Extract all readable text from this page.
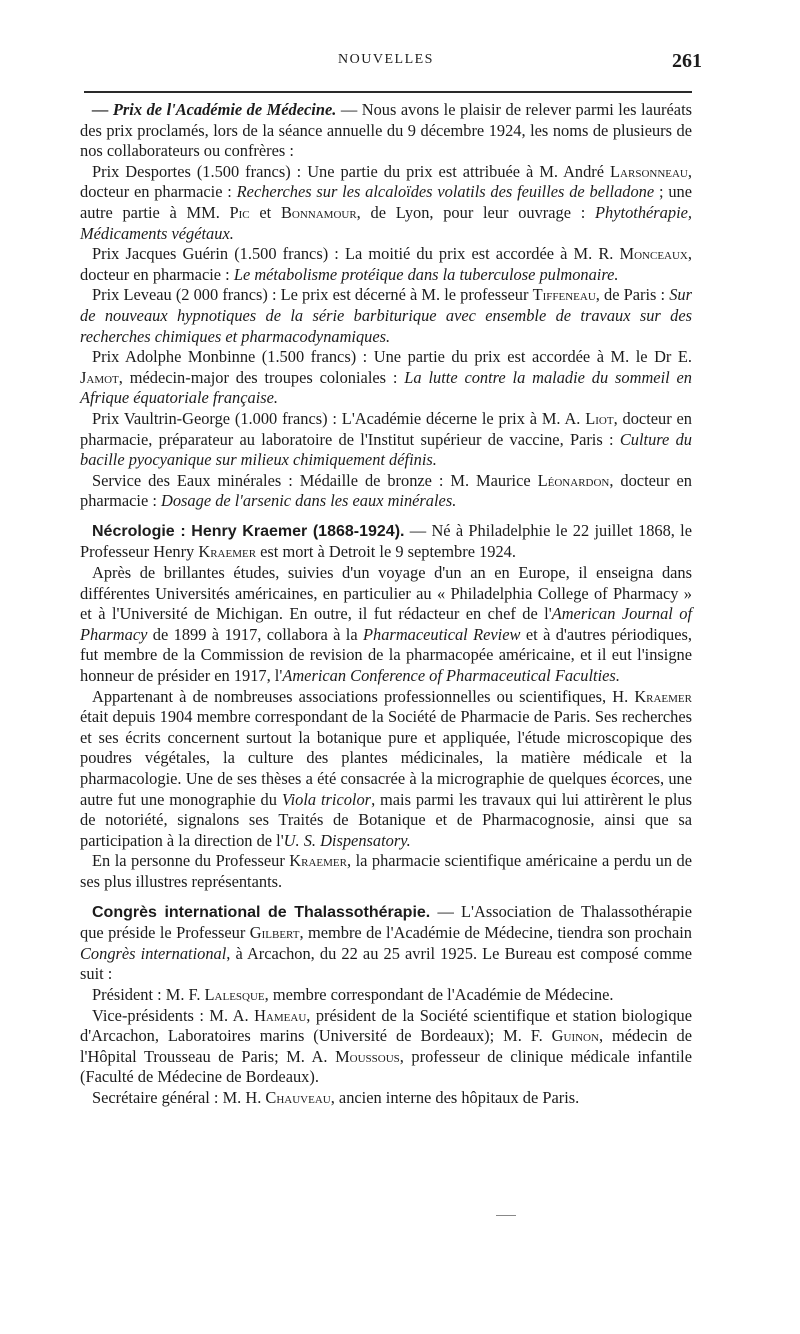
NOUVELLES	261

— Prix de l'Académie de Médecine. — Nous avons le plaisir de relever parmi les lauréats des prix proclamés, lors de la séance annuelle du 9 décembre 1924, les noms de plusieurs de nos collaborateurs ou confrères :

Prix Desportes (1.500 francs) : Une partie du prix est attribuée à M. André Larsonneau, docteur en pharmacie : Recherches sur les alcaloïdes volatils des feuilles de belladone ; une autre partie à MM. Pic et Bonnamour, de Lyon, pour leur ouvrage : Phytothérapie, Médicaments végétaux.

Prix Jacques Guérin (1.500 francs) : La moitié du prix est accordée à M. R. Monceaux, docteur en pharmacie : Le métabolisme protéique dans la tuberculose pulmonaire.

Prix Leveau (2 000 francs) : Le prix est décerné à M. le professeur Tiffeneau, de Paris : Sur de nouveaux hypnotiques de la série barbiturique avec ensemble de travaux sur des recherches chimiques et pharmacodynamiques.

Prix Adolphe Monbinne (1.500 francs) : Une partie du prix est accordée à M. le Dr E. Jamot, médecin-major des troupes coloniales : La lutte contre la maladie du sommeil en Afrique équatoriale française.

Prix Vaultrin-George (1.000 francs) : L'Académie décerne le prix à M. A. Liot, docteur en pharmacie, préparateur au laboratoire de l'Institut supérieur de vaccine, Paris : Culture du bacille pyocyanique sur milieux chimiquement définis.

Service des Eaux minérales : Médaille de bronze : M. Maurice Léonardon, docteur en pharmacie : Dosage de l'arsenic dans les eaux minérales.

Nécrologie : Henry Kraemer (1868-1924). — Né à Philadelphie le 22 juillet 1868, le Professeur Henry Kraemer est mort à Detroit le 9 septembre 1924.

Après de brillantes études, suivies d'un voyage d'un an en Europe, il enseigna dans différentes Universités américaines, en particulier au « Philadelphia College of Pharmacy » et à l'Université de Michigan. En outre, il fut rédacteur en chef de l'American Journal of Pharmacy de 1899 à 1917, collabora à la Pharmaceutical Review et à d'autres périodiques, fut membre de la Commission de revision de la pharmacopée américaine, et il eut l'insigne honneur de présider en 1917, l'American Conference of Pharmaceutical Faculties.

Appartenant à de nombreuses associations professionnelles ou scientifiques, H. Kraemer était depuis 1904 membre correspondant de la Société de Pharmacie de Paris. Ses recherches et ses écrits concernent surtout la botanique pure et appliquée, l'étude microscopique des poudres végétales, la culture des plantes médicinales, la matière médicale et la pharmacologie. Une de ses thèses a été consacrée à la micrographie de quelques écorces, une autre fut une monographie du Viola tricolor, mais parmi les travaux qui lui attirèrent le plus de notoriété, signalons ses Traités de Botanique et de Pharmacognosie, ainsi que sa participation à la direction de l'U. S. Dispensatory.

En la personne du Professeur Kraemer, la pharmacie scientifique américaine a perdu un de ses plus illustres représentants.

Congrès international de Thalassothérapie. — L'Association de Thalassothérapie que préside le Professeur Gilbert, membre de l'Académie de Médecine, tiendra son prochain Congrès international, à Arcachon, du 22 au 25 avril 1925. Le Bureau est composé comme suit :

Président : M. F. Lalesque, membre correspondant de l'Académie de Médecine.

Vice-présidents : M. A. Hameau, président de la Société scientifique et station biologique d'Arcachon, Laboratoires marins (Université de Bordeaux); M. F. Guinon, médecin de l'Hôpital Trousseau de Paris; M. A. Moussous, professeur de clinique médicale infantile (Faculté de Médecine de Bordeaux).

Secrétaire général : M. H. Chauveau, ancien interne des hôpitaux de Paris.
